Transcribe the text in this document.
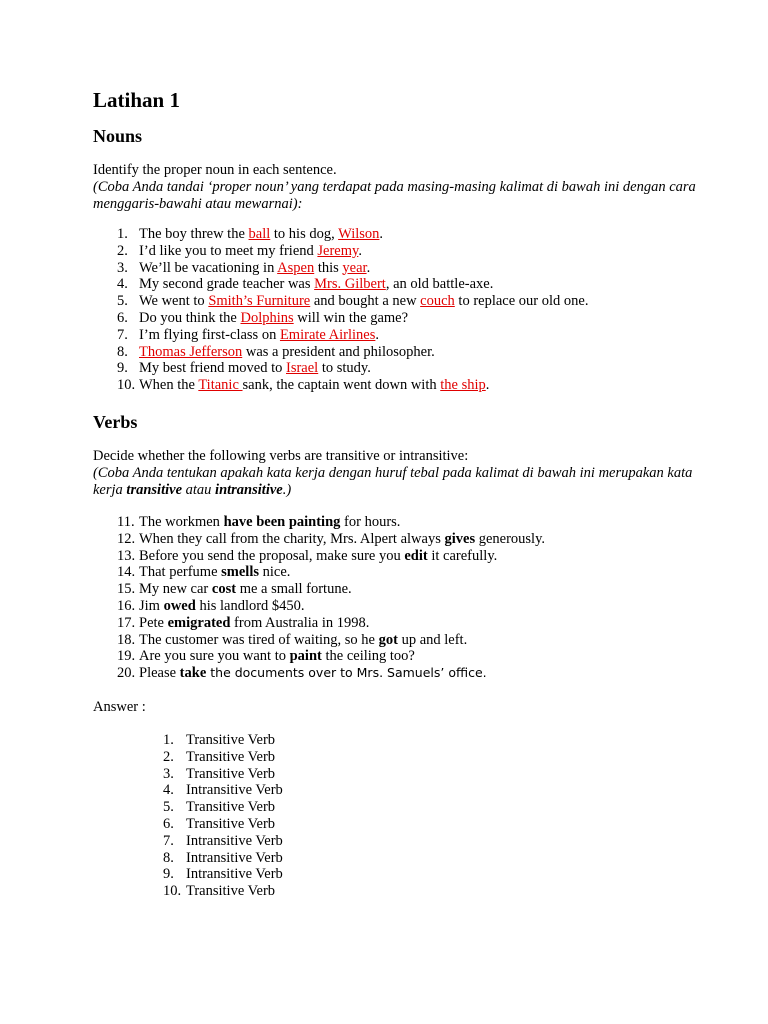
Latihan 1
Nouns

Identify the proper noun in each sentence.
(Coba Anda tandai ‘proper noun’ yang terdapat pada masing-masing kalimat di bawah ini dengan cara menggaris-bawahi atau mewarnai):

1. The boy threw the ball to his dog, Wilson.
2. I’d like you to meet my friend Jeremy.
3. We’ll be vacationing in Aspen this year.
4. My second grade teacher was Mrs. Gilbert, an old battle-axe.
5. We went to Smith’s Furniture and bought a new couch to replace our old one.
6. Do you think the Dolphins will win the game?
7. I’m flying first-class on Emirate Airlines.
8. Thomas Jefferson was a president and philosopher.
9. My best friend moved to Israel to study.
10. When the Titanic sank, the captain went down with the ship.
Verbs

Decide whether the following verbs are transitive or intransitive:
(Coba Anda tentukan apakah kata kerja dengan huruf tebal pada kalimat di bawah ini merupakan kata kerja transitive atau intransitive.)

11. The workmen have been painting for hours.
12. When they call from the charity, Mrs. Alpert always gives generously.
13. Before you send the proposal, make sure you edit it carefully.
14. That perfume smells nice.
15. My new car cost me a small fortune.
16. Jim owed his landlord $450.
17. Pete emigrated from Australia in 1998.
18. The customer was tired of waiting, so he got up and left.
19. Are you sure you want to paint the ceiling too?
20. Please take the documents over to Mrs. Samuels’ office.

Answer :

1. Transitive Verb
2. Transitive Verb
3. Transitive Verb
4. Intransitive Verb
5. Transitive Verb
6. Transitive Verb
7. Intransitive Verb
8. Intransitive Verb
9. Intransitive Verb
10. Transitive Verb
